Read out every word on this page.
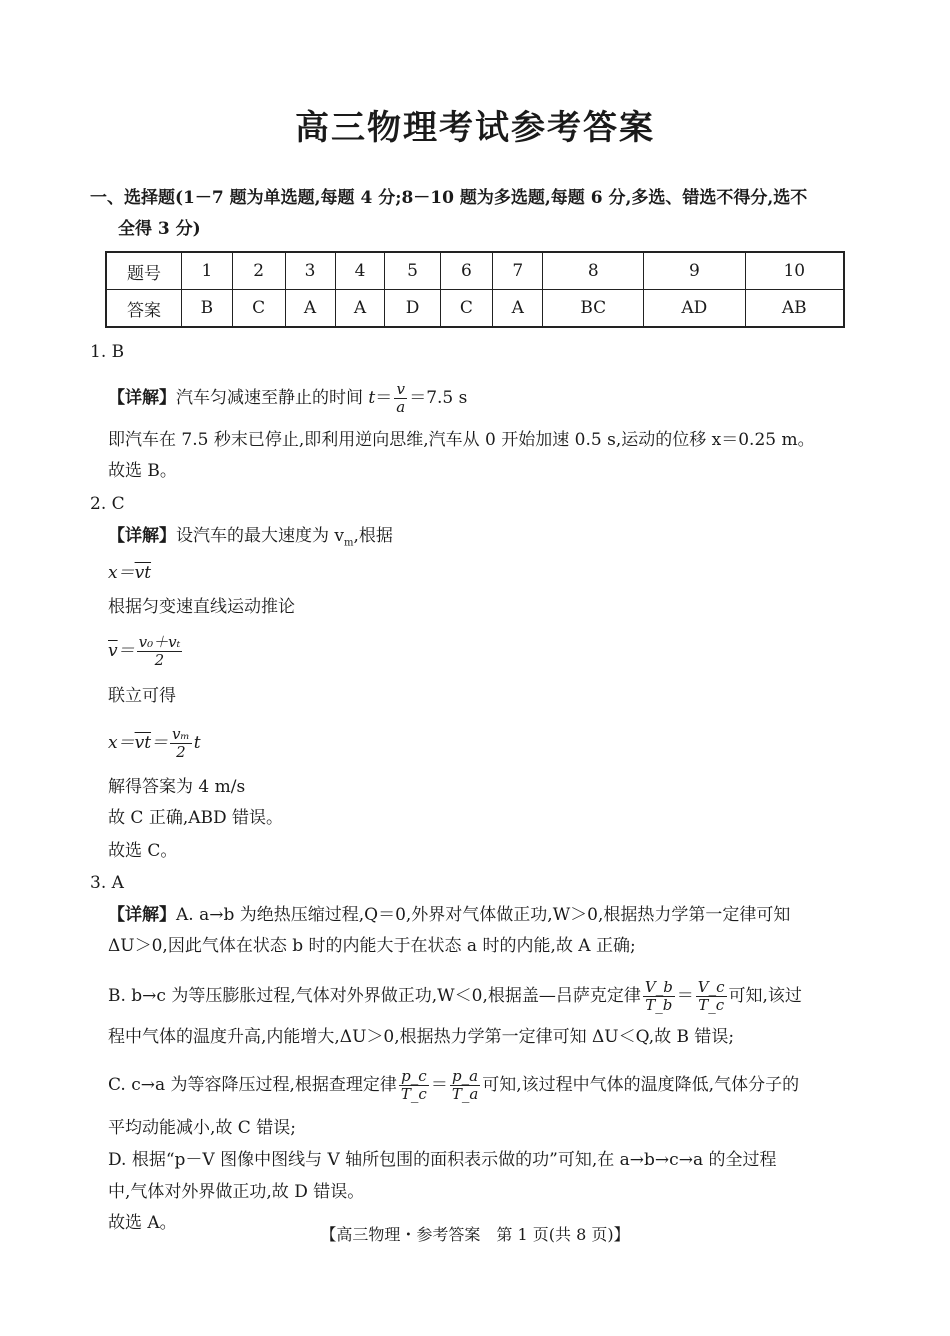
高三物理考试参考答案
一、选择题(1－7 题为单选题,每题 4 分;8－10 题为多选题,每题 6 分,多选、错选不得分,选不
全得 3 分)
题号	1	2	3	4	5	6	7	8	9	10
答案	B	C	A	A	D	C	A	BC	AD	AB
1. B
【详解】汽车匀减速至静止的时间 $t= \frac{v}{a} =7.5$ s
即汽车在 7.5 秒末已停止,即利用逆向思维,汽车从 0 开始加速 0.5 s,运动的位移 x＝0.25 m。
故选 B。
2. C
【详解】设汽车的最大速度为 $v_m$,根据
$x=\overline{vt}$
根据匀变速直线运动推论
$\overline{v}= \frac{\text{v₀＋vₜ}}{2}$
联立可得
$x=\overline{vt}= \frac{\text{vₘ}}{2}$ t
解得答案为 4 m/s
故 C 正确,ABD 错误。
故选 C。
3. A
【详解】A. a→b 为绝热压缩过程,Q＝0,外界对气体做正功,W＞0,根据热力学第一定律可知
ΔU＞0,因此气体在状态 b 时的内能大于在状态 a 时的内能,故 A 正确;
B. b→c 为等压膨胀过程,气体对外界做正功,W＜0,根据盖—吕萨克定律 $\frac{V\_b}{T\_b} = \frac{V\_c}{T\_c}$ 可知,该过
程中气体的温度升高,内能增大,ΔU＞0,根据热力学第一定律可知 ΔU＜Q,故 B 错误;
C. c→a 为等容降压过程,根据查理定律 $\frac{p\_c}{T\_c} = \frac{p\_a}{T\_a}$ 可知,该过程中气体的温度降低,气体分子的
平均动能减小,故 C 错误;
D. 根据“p－V 图像中图线与 V 轴所包围的面积表示做的功”可知,在 a→b→c→a 的全过程
中,气体对外界做正功,故 D 错误。
故选 A。
【高三物理・参考答案　第 1 页(共 8 页)】
